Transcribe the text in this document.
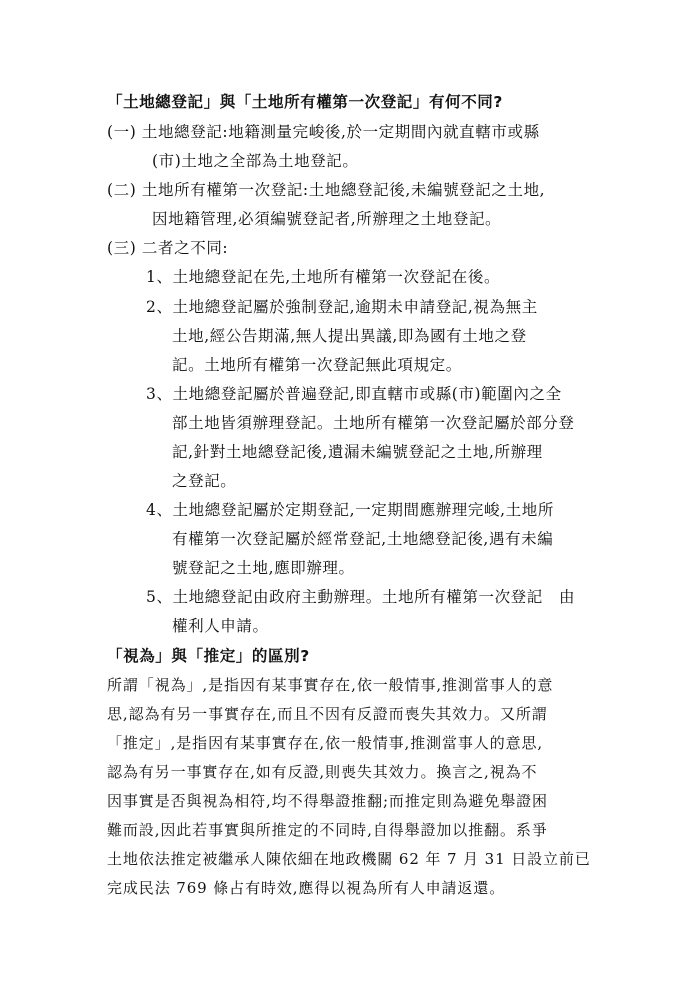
「土地總登記」與「土地所有權第一次登記」有何不同?
(一) 土地總登記:地籍測量完峻後,於一定期間內就直轄市或縣
(市)土地之全部為土地登記。
(二) 土地所有權第一次登記:土地總登記後,未編號登記之土地,
因地籍管理,必須編號登記者,所辦理之土地登記。
(三) 二者之不同:
1、土地總登記在先,土地所有權第一次登記在後。
2、土地總登記屬於強制登記,逾期未申請登記,視為無主
土地,經公告期滿,無人提出異議,即為國有土地之登
記。土地所有權第一次登記無此項規定。
3、土地總登記屬於普遍登記,即直轄市或縣(市)範圍內之全
部土地皆須辦理登記。土地所有權第一次登記屬於部分登
記,針對土地總登記後,遺漏未編號登記之土地,所辦理
之登記。
4、土地總登記屬於定期登記,一定期間應辦理完峻,土地所
有權第一次登記屬於經常登記,土地總登記後,遇有未編
號登記之土地,應即辦理。
5、土地總登記由政府主動辦理。土地所有權第一次登記　由
權利人申請。
「視為」與「推定」的區別?
所謂「視為」,是指因有某事實存在,依一般情事,推測當事人的意
思,認為有另一事實存在,而且不因有反證而喪失其效力。又所謂
「推定」,是指因有某事實存在,依一般情事,推測當事人的意思,
認為有另一事實存在,如有反證,則喪失其效力。換言之,視為不
因事實是否與視為相符,均不得舉證推翻;而推定則為避免舉證困
難而設,因此若事實與所推定的不同時,自得舉證加以推翻。系爭
土地依法推定被繼承人陳依細在地政機關 62 年 7 月 31 日設立前已
完成民法 769 條占有時效,應得以視為所有人申請返還。
